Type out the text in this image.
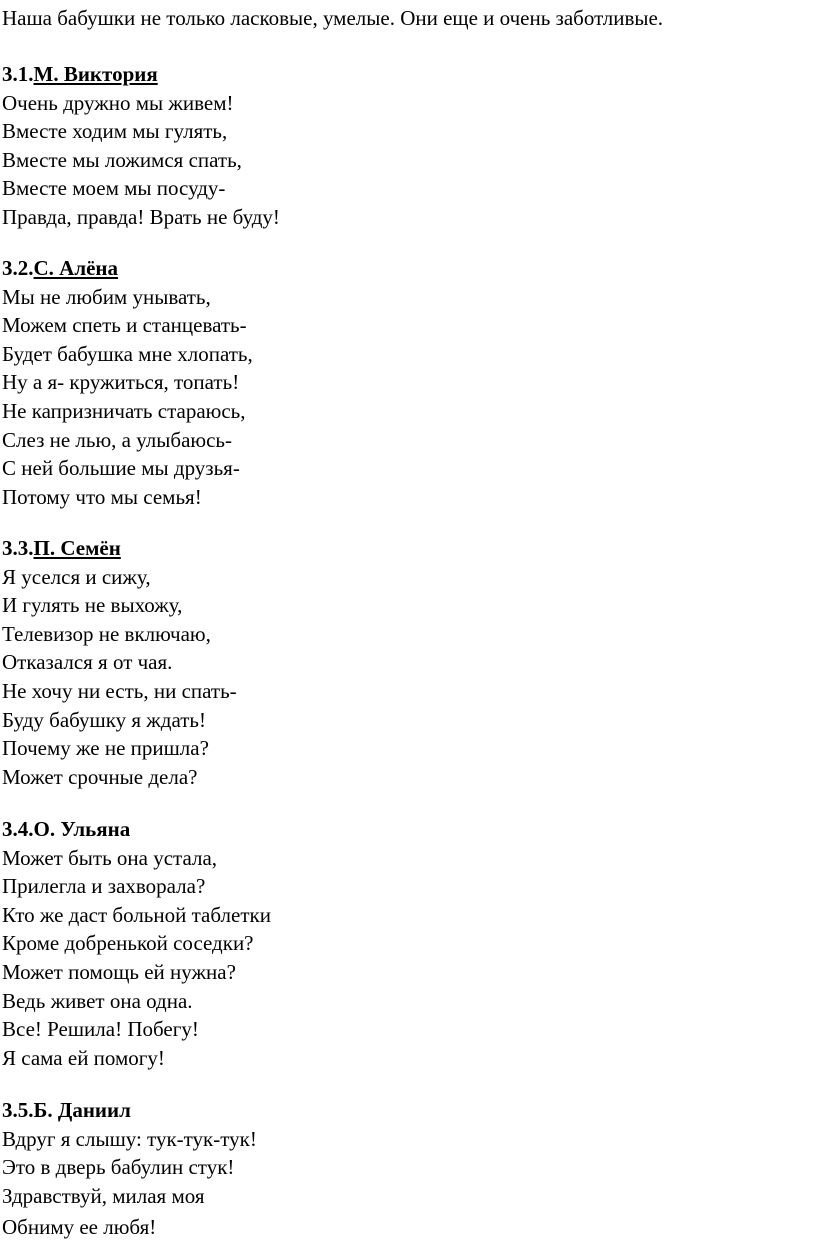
Наша бабушки не только ласковые, умелые. Они еще и очень заботливые.
3.1.М. Виктория
Очень дружно мы живем!
Вместе ходим мы гулять,
Вместе мы ложимся спать,
Вместе моем мы посуду-
Правда, правда! Врать не буду!
3.2.С. Алёна
Мы не любим унывать,
Можем спеть и станцевать-
Будет бабушка мне хлопать,
Ну а я- кружиться, топать!
Не капризничать стараюсь,
Слез не лью, а улыбаюсь-
С ней большие мы друзья-
Потому что мы семья!
3.3.П. Семён
Я уселся и сижу,
И гулять не выхожу,
Телевизор не включаю,
Отказался я от чая.
Не хочу ни есть, ни спать-
Буду бабушку я ждать!
Почему же не пришла?
Может срочные дела?
3.4.О. Ульяна
Может быть она устала,
Прилегла и захворала?
Кто же даст больной таблетки
Кроме добренькой соседки?
Может помощь ей нужна?
Ведь живет она одна.
Все! Решила! Побегу!
Я сама ей помогу!
3.5.Б. Даниил
Вдруг я слышу: тук-тук-тук!
Это в дверь бабулин стук!
Здравствуй, милая моя
Обниму ее любя!
